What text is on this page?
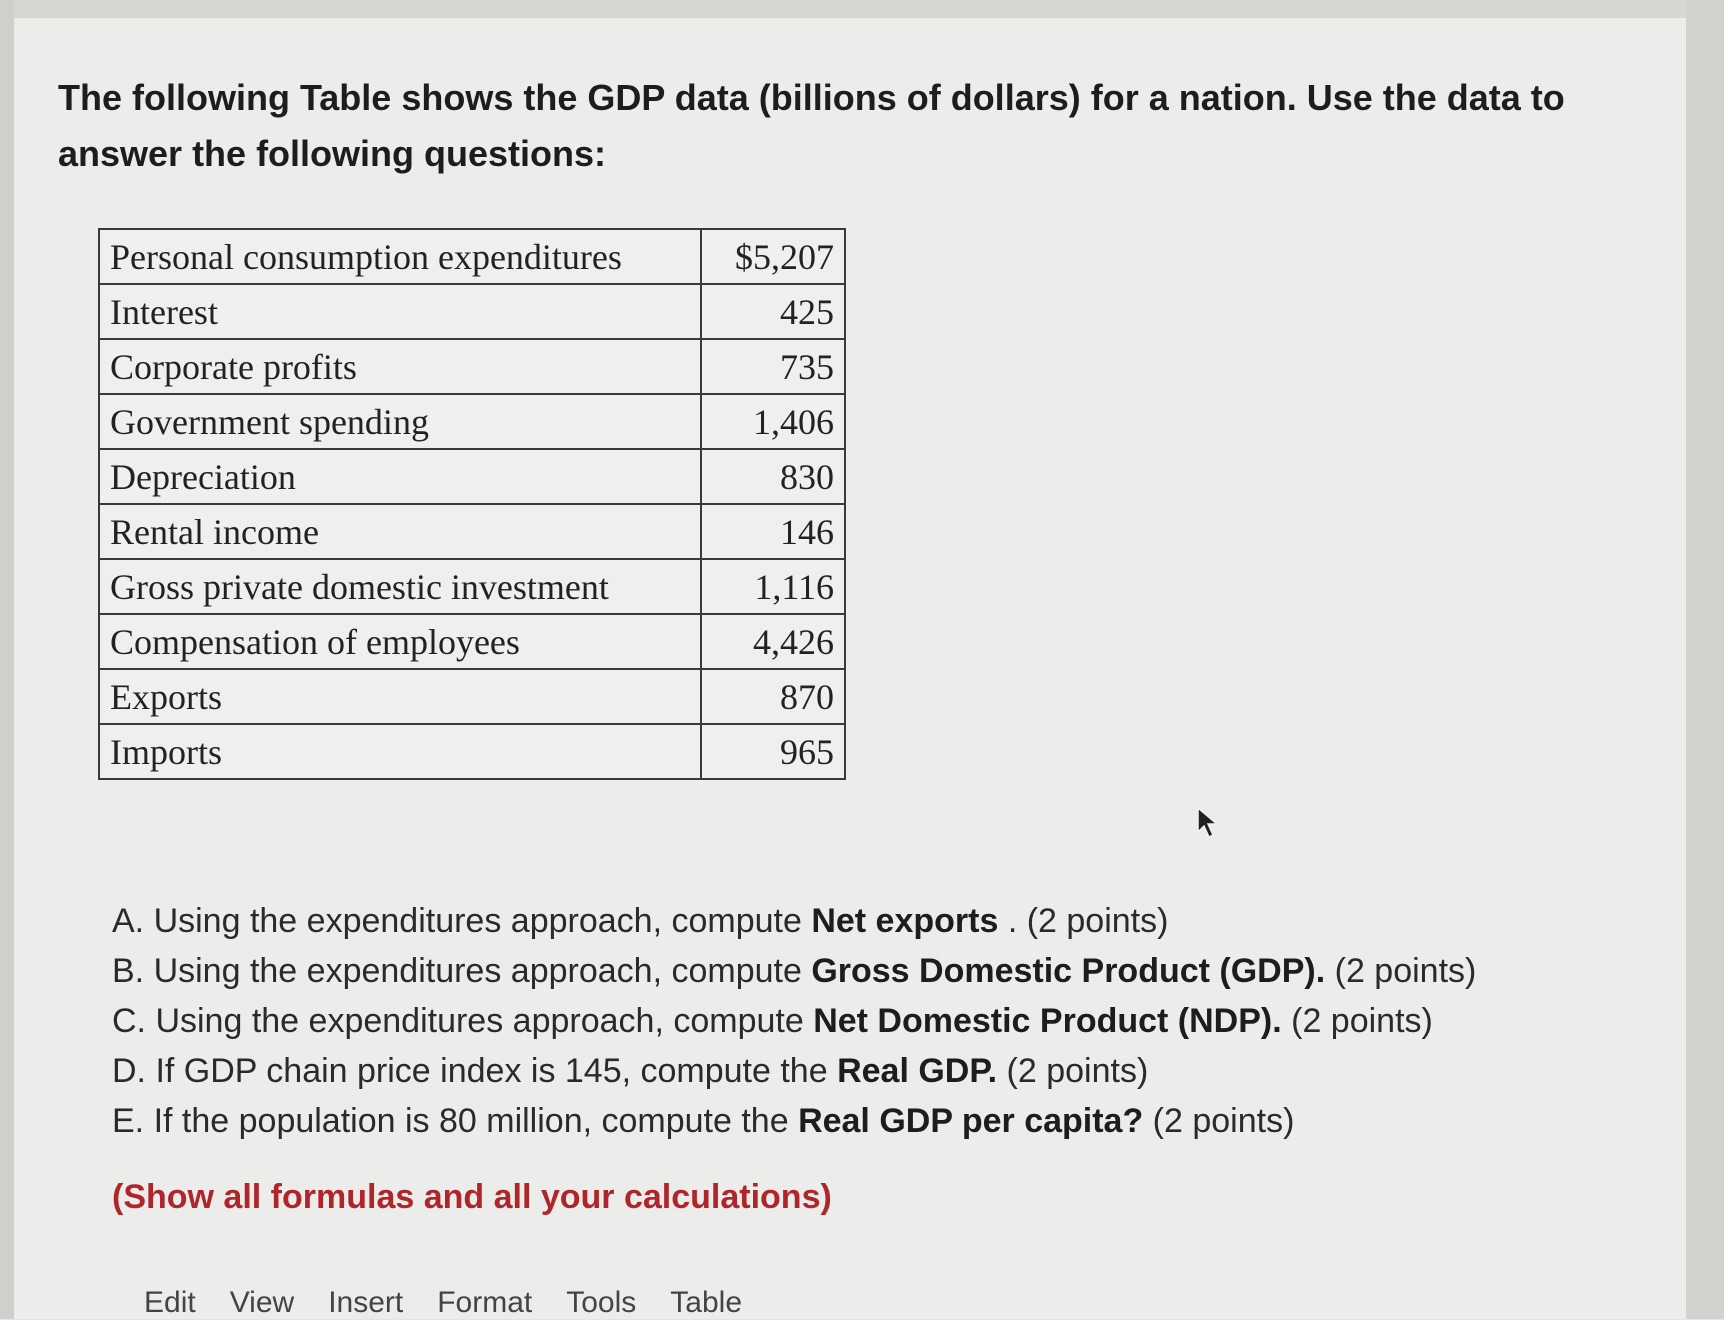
The following Table shows the GDP data (billions of dollars) for a nation. Use the data to answer the following questions:

Personal consumption expenditures	$5,207
Interest	425
Corporate profits	735
Government spending	1,406
Depreciation	830
Rental income	146
Gross private domestic investment	1,116
Compensation of employees	4,426
Exports	870
Imports	965
A. Using the expenditures approach, compute Net exports . (2 points)
B. Using the expenditures approach, compute Gross Domestic Product (GDP). (2 points)
C. Using the expenditures approach, compute Net Domestic Product (NDP). (2 points)
D. If GDP chain price index is 145, compute the Real GDP. (2 points)
E. If the population is 80 million, compute the Real GDP per capita? (2 points)
(Show all formulas and all your calculations)
Edit View Insert Format Tools Table
